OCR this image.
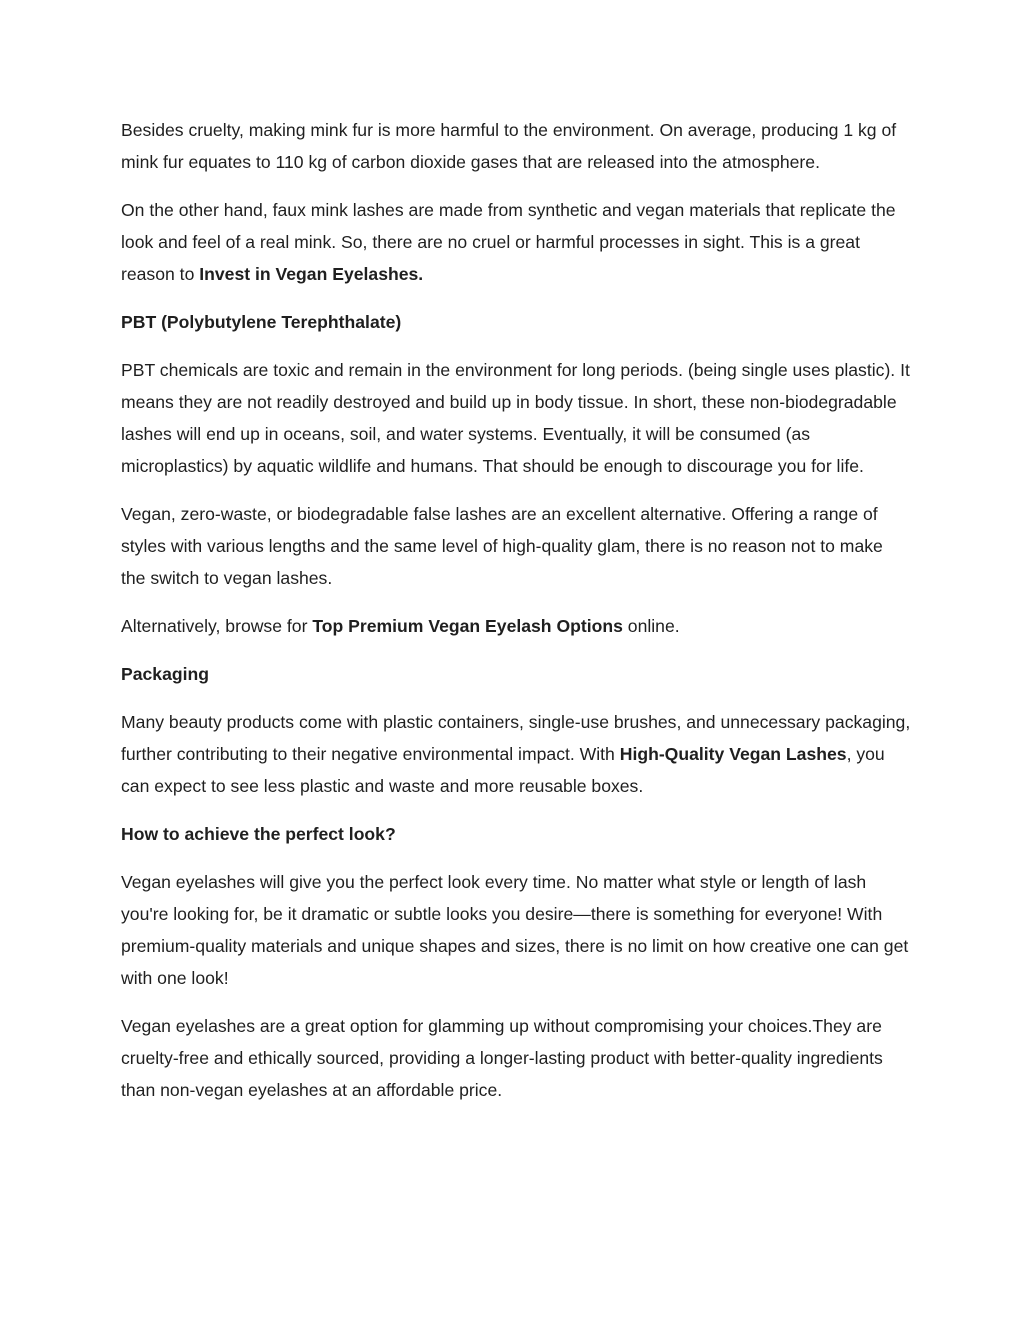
Besides cruelty, making mink fur is more harmful to the environment. On average, producing 1 kg of mink fur equates to 110 kg of carbon dioxide gases that are released into the atmosphere.

On the other hand, faux mink lashes are made from synthetic and vegan materials that replicate the look and feel of a real mink. So, there are no cruel or harmful processes in sight. This is a great reason to Invest in Vegan Eyelashes.

PBT (Polybutylene Terephthalate)

PBT chemicals are toxic and remain in the environment for long periods. (being single uses plastic). It means they are not readily destroyed and build up in body tissue. In short, these non-biodegradable lashes will end up in oceans, soil, and water systems. Eventually, it will be consumed (as microplastics) by aquatic wildlife and humans. That should be enough to discourage you for life.

Vegan, zero-waste, or biodegradable false lashes are an excellent alternative. Offering a range of styles with various lengths and the same level of high-quality glam, there is no reason not to make the switch to vegan lashes.

Alternatively, browse for Top Premium Vegan Eyelash Options online.

Packaging

Many beauty products come with plastic containers, single-use brushes, and unnecessary packaging, further contributing to their negative environmental impact. With High-Quality Vegan Lashes, you can expect to see less plastic and waste and more reusable boxes.

How to achieve the perfect look?

Vegan eyelashes will give you the perfect look every time. No matter what style or length of lash you're looking for, be it dramatic or subtle looks you desire—there is something for everyone! With premium-quality materials and unique shapes and sizes, there is no limit on how creative one can get with one look!

Vegan eyelashes are a great option for glamming up without compromising your choices.They are cruelty-free and ethically sourced, providing a longer-lasting product with better-quality ingredients than non-vegan eyelashes at an affordable price.
